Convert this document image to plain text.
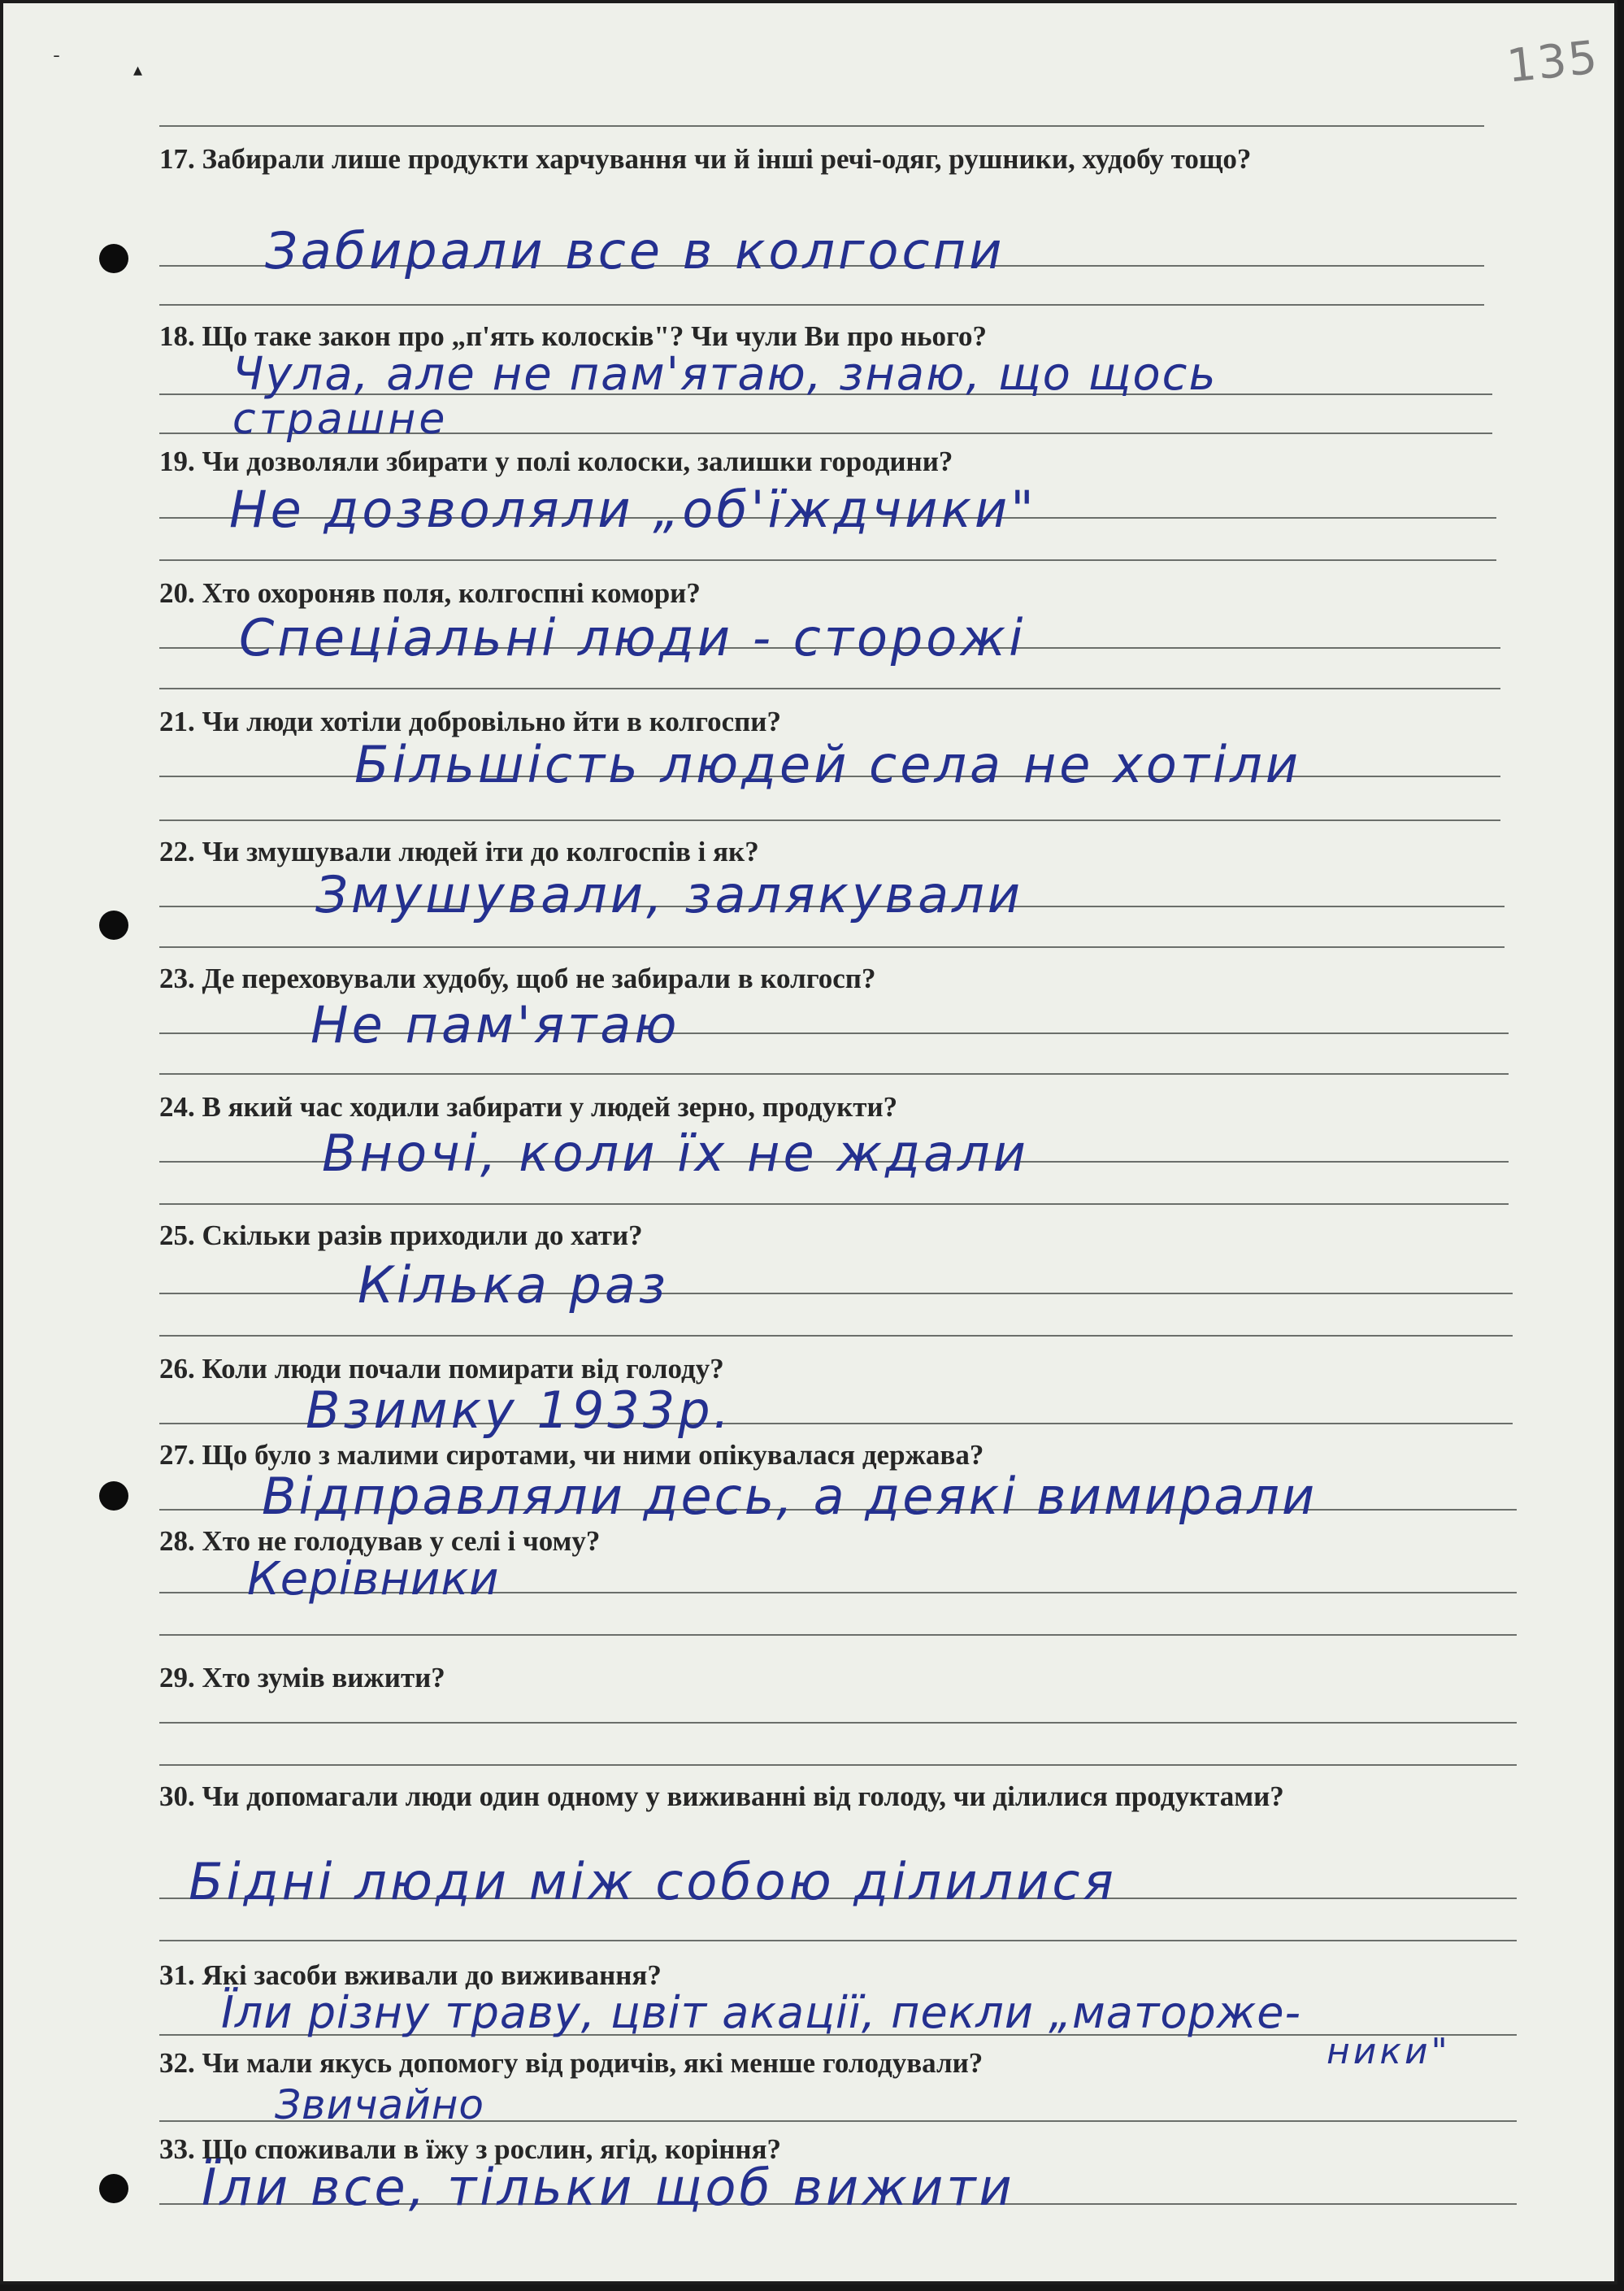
135
ˉ	▴
17. Забирали лише продукти харчування чи й інші речі-одяг, рушники, худобу тощо?
Забирали все в колгоспи
18. Що таке закон про „п'ять колосків"? Чи чули Ви про нього?
Чула, але не пам'ятаю, знаю, що щось
страшне
19. Чи дозволяли збирати у полі колоски, залишки городини?
Не дозволяли „об'їждчики"
20. Хто охороняв поля, колгоспні комори?
Спеціальні люди - сторожі
21. Чи люди хотіли добровільно йти в колгоспи?
Більшість людей села не хотіли
22. Чи змушували людей іти до колгоспів і як?
Змушували, залякували
23. Де переховували худобу, щоб не забирали в колгосп?
Не пам'ятаю
24. В який час ходили забирати у людей зерно, продукти?
Вночі, коли їх не ждали
25. Скільки разів приходили до хати?
Кілька раз
26. Коли люди почали помирати від голоду?
Взимку 1933р.
27. Що було з малими сиротами, чи ними опікувалася держава?
Відправляли десь, а деякі вимирали
28. Хто не голодував у селі і чому?
Керівники
29. Хто зумів вижити?
30. Чи допомагали люди один одному у виживанні від голоду, чи ділилися продуктами?
Бідні люди між собою ділилися
31. Які засоби вживали до виживання?
Їли різну траву, цвіт акації, пекли „маторже-
ники"
32. Чи мали якусь допомогу від родичів, які менше голодували?
Звичайно
33. Що споживали в їжу з рослин, ягід, коріння?
Їли все, тільки щоб вижити
